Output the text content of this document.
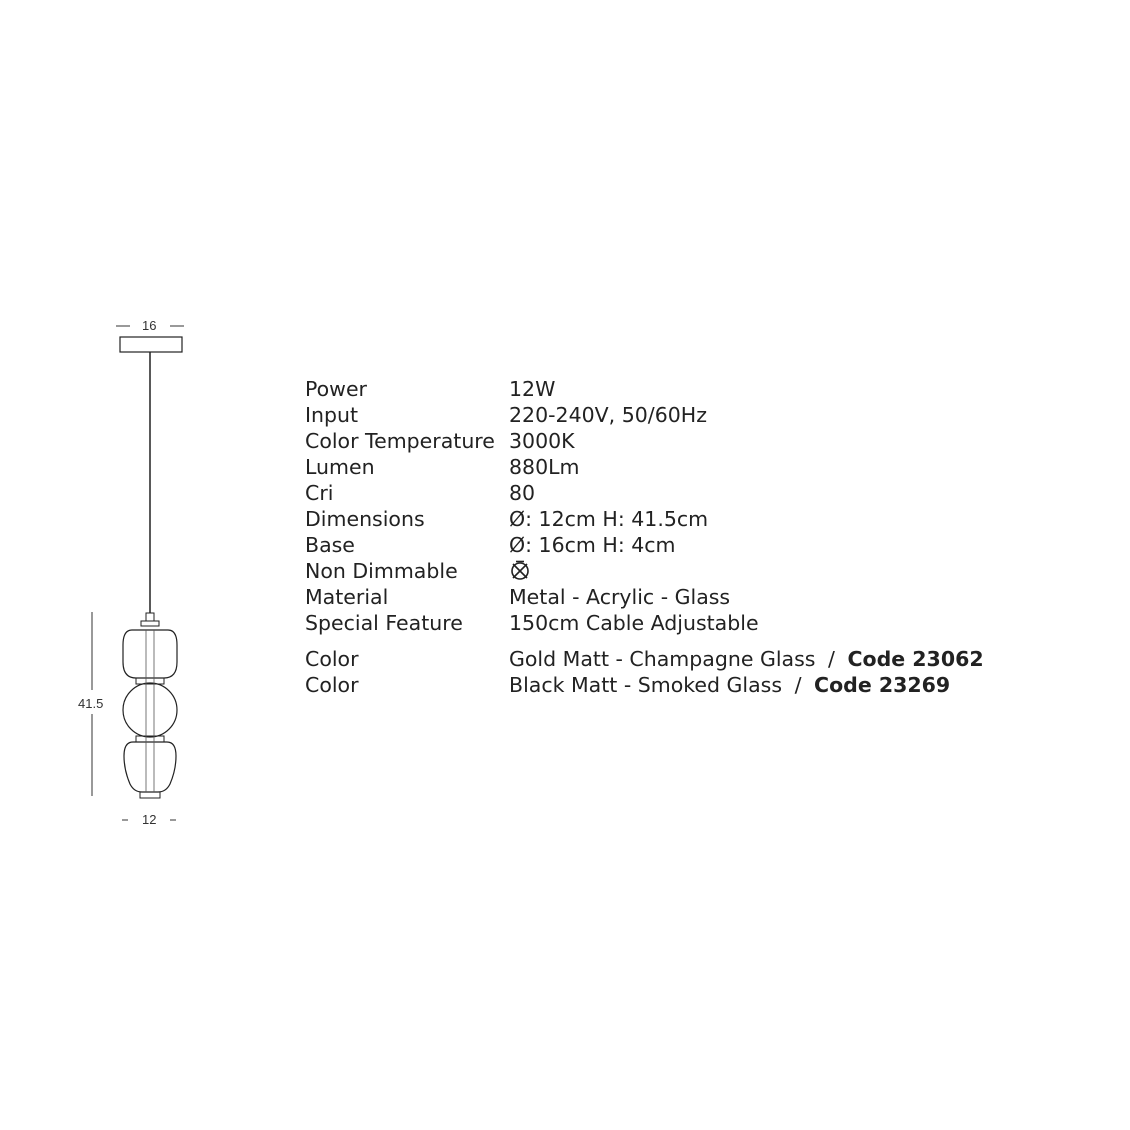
16
41.5
12
Power	12W
Input	220-240V, 50/60Hz
Color Temperature 3000K
Lumen	880Lm
Cri	80
Dimensions	Ø: 12cm H: 41.5cm
Base	Ø: 16cm H: 4cm
Non Dimmable
Material	Metal - Acrylic - Glass
Special Feature 150cm Cable Adjustable
Color	Gold Matt - Champagne Glass / Code 23062
Color	Black Matt - Smoked Glass / Code 23269
